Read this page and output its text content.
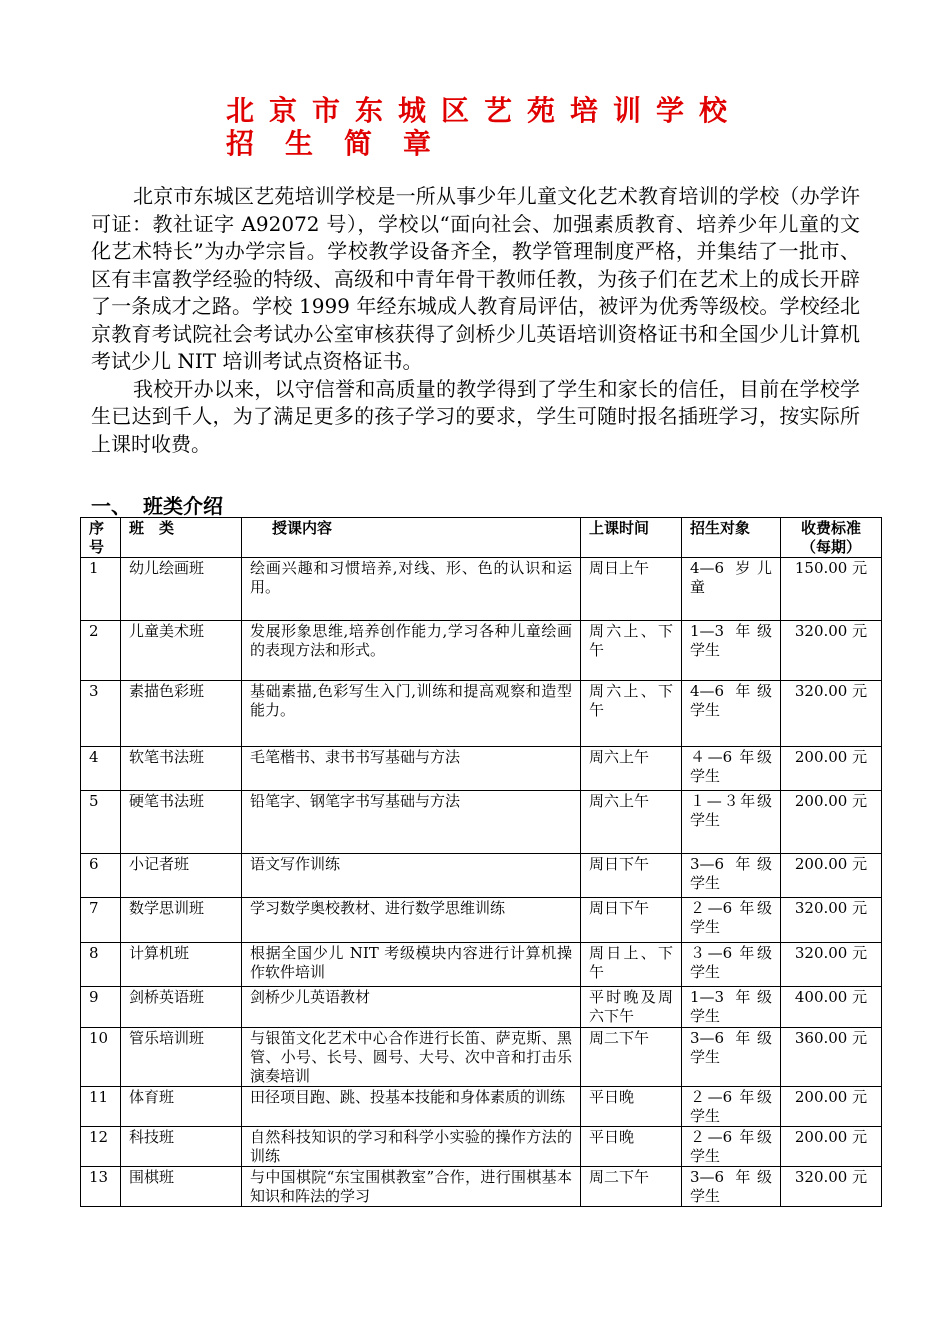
北京市东城区艺苑培训学校
招生简章

北京市东城区艺苑培训学校是一所从事少年儿童文化艺术教育培训的学校（办学许可证：教社证字 A92072 号），学校以“面向社会、加强素质教育、培养少年儿童的文化艺术特长”为办学宗旨。学校教学设备齐全，教学管理制度严格，并集结了一批市、区有丰富教学经验的特级、高级和中青年骨干教师任教，为孩子们在艺术上的成长开辟了一条成才之路。学校 1999 年经东城成人教育局评估，被评为优秀等级校。学校经北京教育考试院社会考试办公室审核获得了剑桥少儿英语培训资格证书和全国少儿计算机考试少儿 NIT 培训考试点资格证书。

我校开办以来，以守信誉和高质量的教学得到了学生和家长的信任，目前在学校学生已达到千人，为了满足更多的孩子学习的要求，学生可随时报名插班学习，按实际所上课时收费。

一、 班类介绍
序号	班　类	授课内容	上课时间	招生对象	收费标准（每期）
1	幼儿绘画班	绘画兴趣和习惯培养,对线、形、色的认识和运用。	周日上午	4—6 岁儿童	150.00 元
2	儿童美术班	发展形象思维,培养创作能力,学习各种儿童绘画的表现方法和形式。	周六上、下午	1—3 年级学生	320.00 元
3	素描色彩班	基础素描,色彩写生入门,训练和提高观察和造型能力。	周六上、下午	4—6 年级学生	320.00 元
4	软笔书法班	毛笔楷书、隶书书写基础与方法	周六上午	４—6 年级学生	200.00 元
5	硬笔书法班	铅笔字、钢笔字书写基础与方法	周六上午	１—３年级学生	200.00 元
6	小记者班	语文写作训练	周日下午	3—6 年级学生	200.00 元
7	数学思训班	学习数学奥校教材、进行数学思维训练	周日下午	２—6 年级学生	320.00 元
8	计算机班	根据全国少儿 NIT 考级模块内容进行计算机操作软件培训	周日上、下午	３—6 年级学生	320.00 元
9	剑桥英语班	剑桥少儿英语教材	平时晚及周六下午	1—3 年级学生	400.00 元
10	管乐培训班	与银笛文化艺术中心合作进行长笛、萨克斯、黑管、小号、长号、圆号、大号、次中音和打击乐演奏培训	周二下午	3—6 年级学生	360.00 元
11	体育班	田径项目跑、跳、投基本技能和身体素质的训练	平日晚	２—6 年级学生	200.00 元
12	科技班	自然科技知识的学习和科学小实验的操作方法的训练	平日晚	２—6 年级学生	200.00 元
13	围棋班	与中国棋院“东宝围棋教室”合作，进行围棋基本知识和阵法的学习	周二下午	3—6 年级学生	320.00 元
